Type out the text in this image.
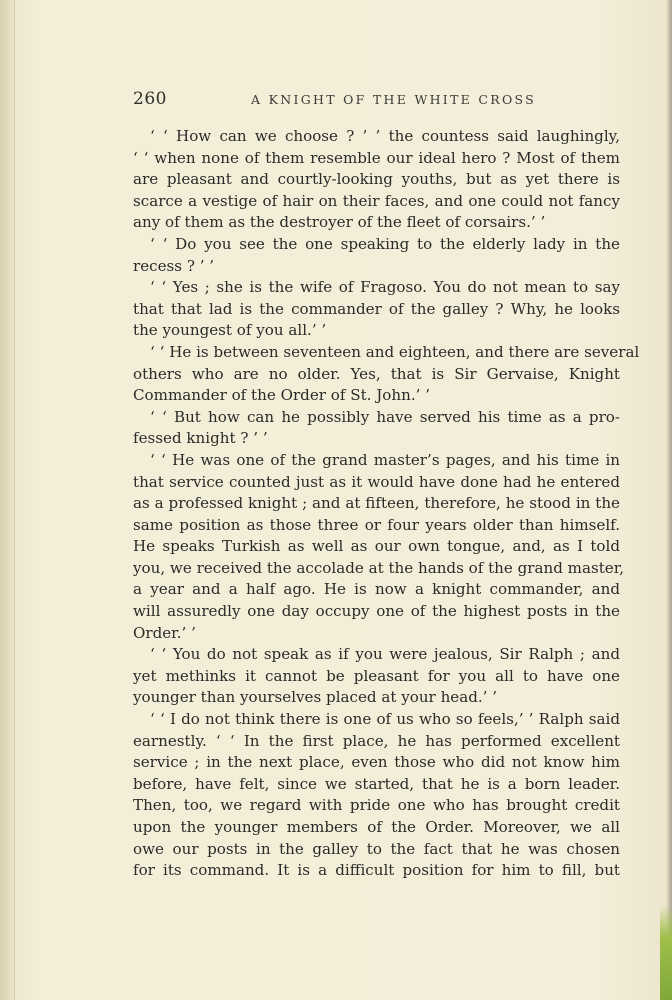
260	A KNIGHT OF THE WHITE CROSS
‘ ‘ How can we choose ? ’ ’ the countess said laughingly,
‘ ‘ when none of them resemble our ideal hero ? Most of them
are pleasant and courtly-looking youths, but as yet there is
scarce a vestige of hair on their faces, and one could not fancy
any of them as the destroyer of the fleet of corsairs.’ ’
‘ ‘ Do you see the one speaking to the elderly lady in the
recess ? ’ ’
‘ ‘ Yes ; she is the wife of Fragoso. You do not mean to say
that that lad is the commander of the galley ? Why, he looks
the youngest of you all.’ ’
‘ ‘ He is between seventeen and eighteen, and there are several
others who are no older. Yes, that is Sir Gervaise, Knight
Commander of the Order of St. John.’ ’
‘ ‘ But how can he possibly have served his time as a pro-
fessed knight ? ’ ’
‘ ‘ He was one of the grand master’s pages, and his time in
that service counted just as it would have done had he entered
as a professed knight ; and at fifteen, therefore, he stood in the
same position as those three or four years older than himself.
He speaks Turkish as well as our own tongue, and, as I told
you, we received the accolade at the hands of the grand master,
a year and a half ago. He is now a knight commander, and
will assuredly one day occupy one of the highest posts in the
Order.’ ’
‘ ‘ You do not speak as if you were jealous, Sir Ralph ; and
yet methinks it cannot be pleasant for you all to have one
younger than yourselves placed at your head.’ ’
‘ ‘ I do not think there is one of us who so feels,’ ’ Ralph said
earnestly. ‘ ‘ In the first place, he has performed excellent
service ; in the next place, even those who did not know him
before, have felt, since we started, that he is a born leader.
Then, too, we regard with pride one who has brought credit
upon the younger members of the Order. Moreover, we all
owe our posts in the galley to the fact that he was chosen
for its command. It is a difficult position for him to fill, but
